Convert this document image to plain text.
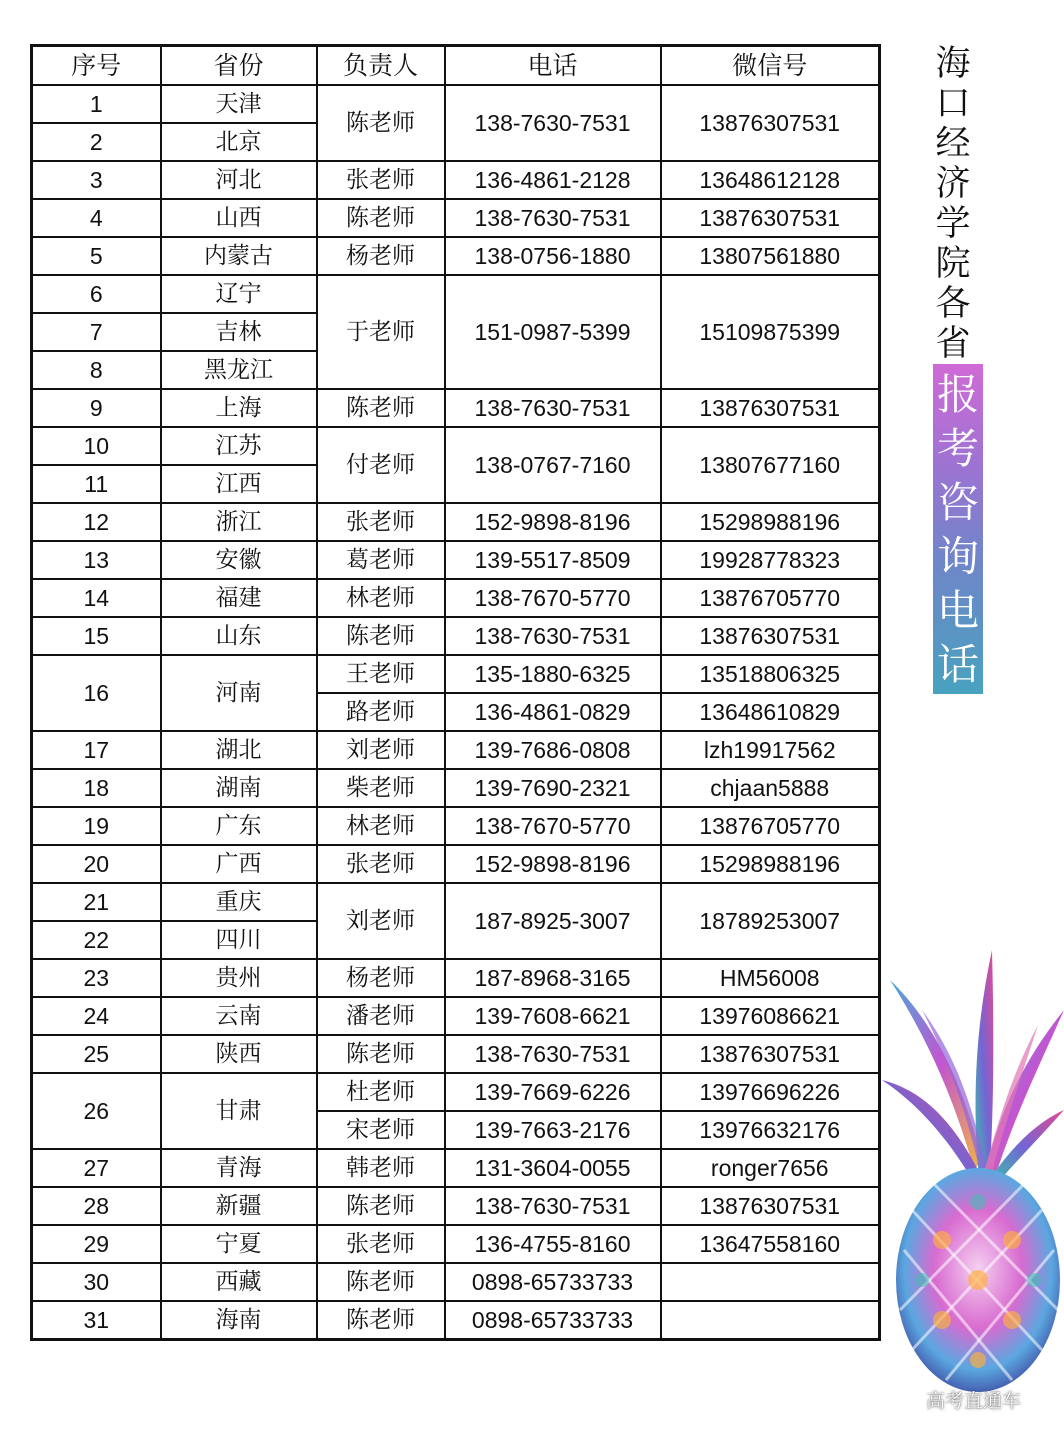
序号	省份	负责人	电话	微信号
1	天津	陈老师	138-7630-7531	13876307531
2	北京			
3	河北	张老师	136-4861-2128	13648612128
4	山西	陈老师	138-7630-7531	13876307531
5	内蒙古	杨老师	138-0756-1880	13807561880
6	辽宁	于老师	151-0987-5399	15109875399
7	吉林			
8	黑龙江			
9	上海	陈老师	138-7630-7531	13876307531
10	江苏	付老师	138-0767-7160	13807677160
11	江西			
12	浙江	张老师	152-9898-8196	15298988196
13	安徽	葛老师	139-5517-8509	19928778323
14	福建	林老师	138-7670-5770	13876705770
15	山东	陈老师	138-7630-7531	13876307531
16	河南	王老师	135-1880-6325	13518806325
		路老师	136-4861-0829	13648610829
17	湖北	刘老师	139-7686-0808	lzh19917562
18	湖南	柴老师	139-7690-2321	chjaan5888
19	广东	林老师	138-7670-5770	13876705770
20	广西	张老师	152-9898-8196	15298988196
21	重庆	刘老师	187-8925-3007	18789253007
22	四川			
23	贵州	杨老师	187-8968-3165	HM56008
24	云南	潘老师	139-7608-6621	13976086621
25	陕西	陈老师	138-7630-7531	13876307531
26	甘肃	杜老师	139-7669-6226	13976696226
		宋老师	139-7663-2176	13976632176
27	青海	韩老师	131-3604-0055	ronger7656
28	新疆	陈老师	138-7630-7531	13876307531
29	宁夏	张老师	136-4755-8160	13647558160
30	西藏	陈老师	0898-65733733	
31	海南	陈老师	0898-65733733	
海
口
经
济
学
院
各
省
报
考
咨
询
电
话
高考直通车
